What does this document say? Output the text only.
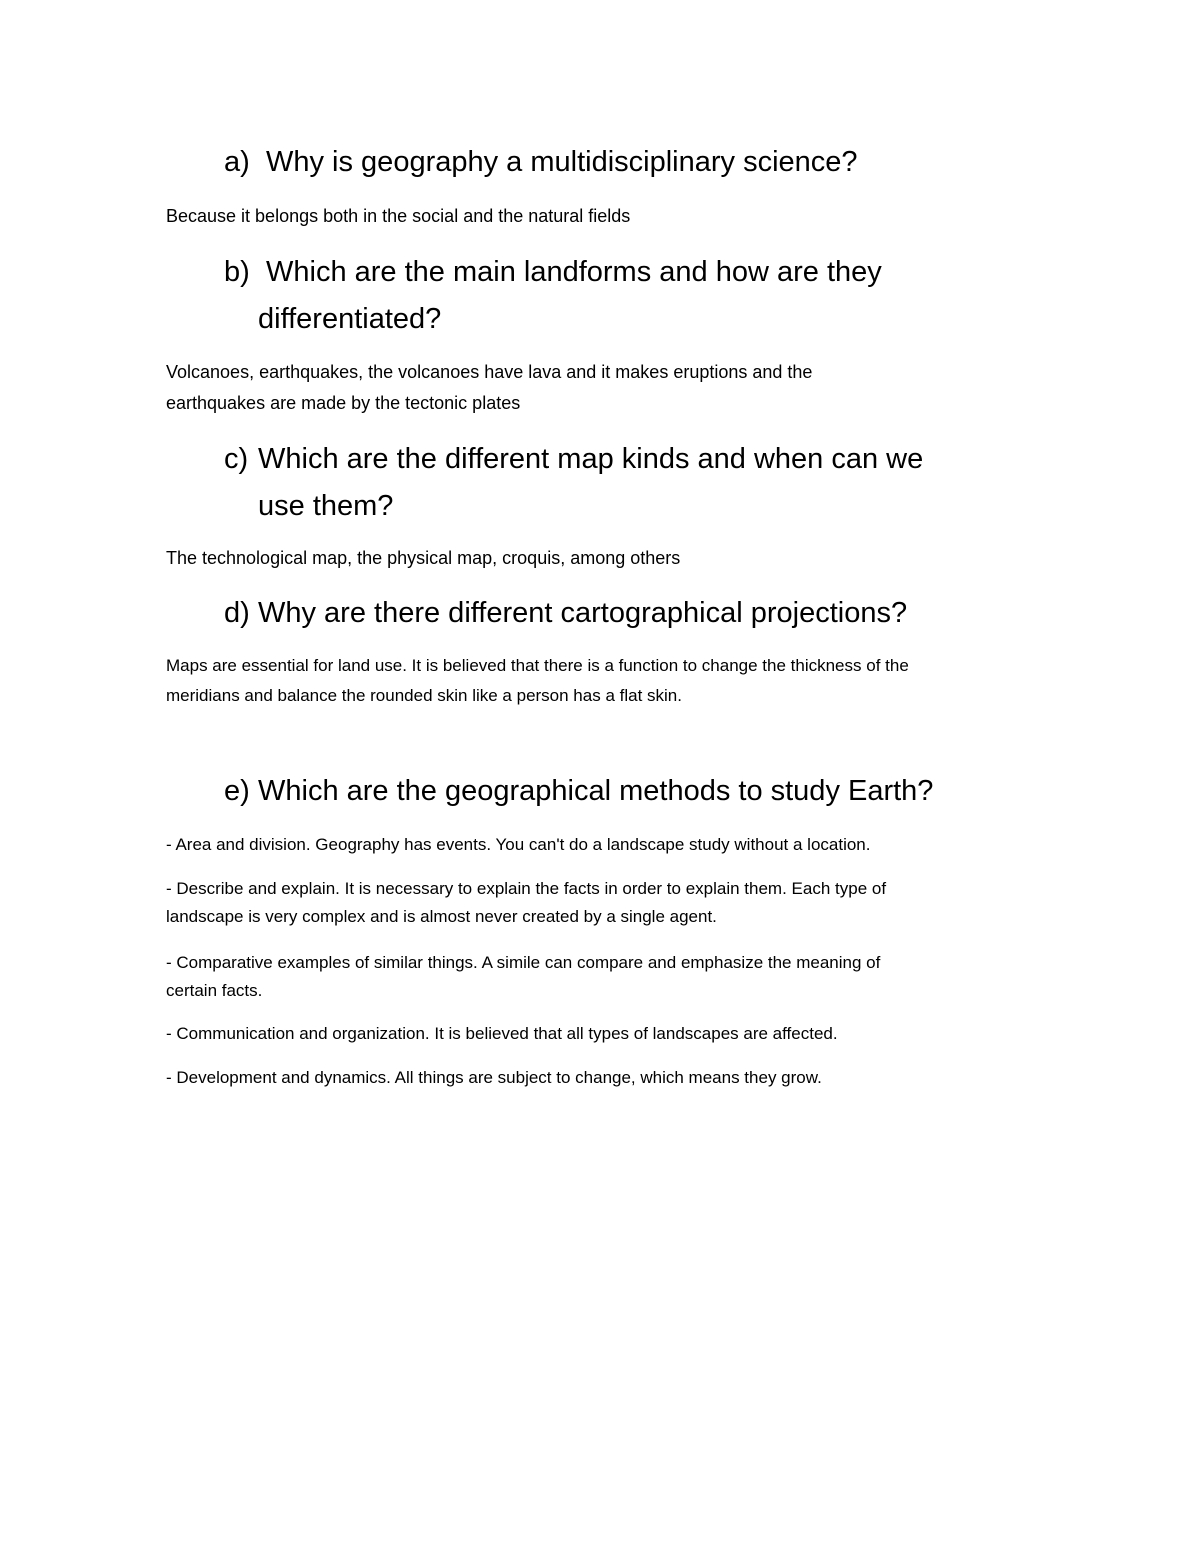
a) Why is geography a multidisciplinary science?

Because it belongs both in the social and the natural fields

b) Which are the main landforms and how are they
differentiated?

Volcanoes, earthquakes, the volcanoes have lava and it makes eruptions and the

earthquakes are made by the tectonic plates

c) Which are the different map kinds and when can we
use them?

The technological map, the physical map, croquis, among others

d) Why are there different cartographical projections?

Maps are essential for land use. It is believed that there is a function to change the thickness of the

meridians and balance the rounded skin like a person has a flat skin.

e) Which are the geographical methods to study Earth?

- Area and division. Geography has events. You can't do a landscape study without a location.

- Describe and explain. It is necessary to explain the facts in order to explain them. Each type of

landscape is very complex and is almost never created by a single agent.

- Comparative examples of similar things. A simile can compare and emphasize the meaning of

certain facts.

- Communication and organization. It is believed that all types of landscapes are affected.

- Development and dynamics. All things are subject to change, which means they grow.
